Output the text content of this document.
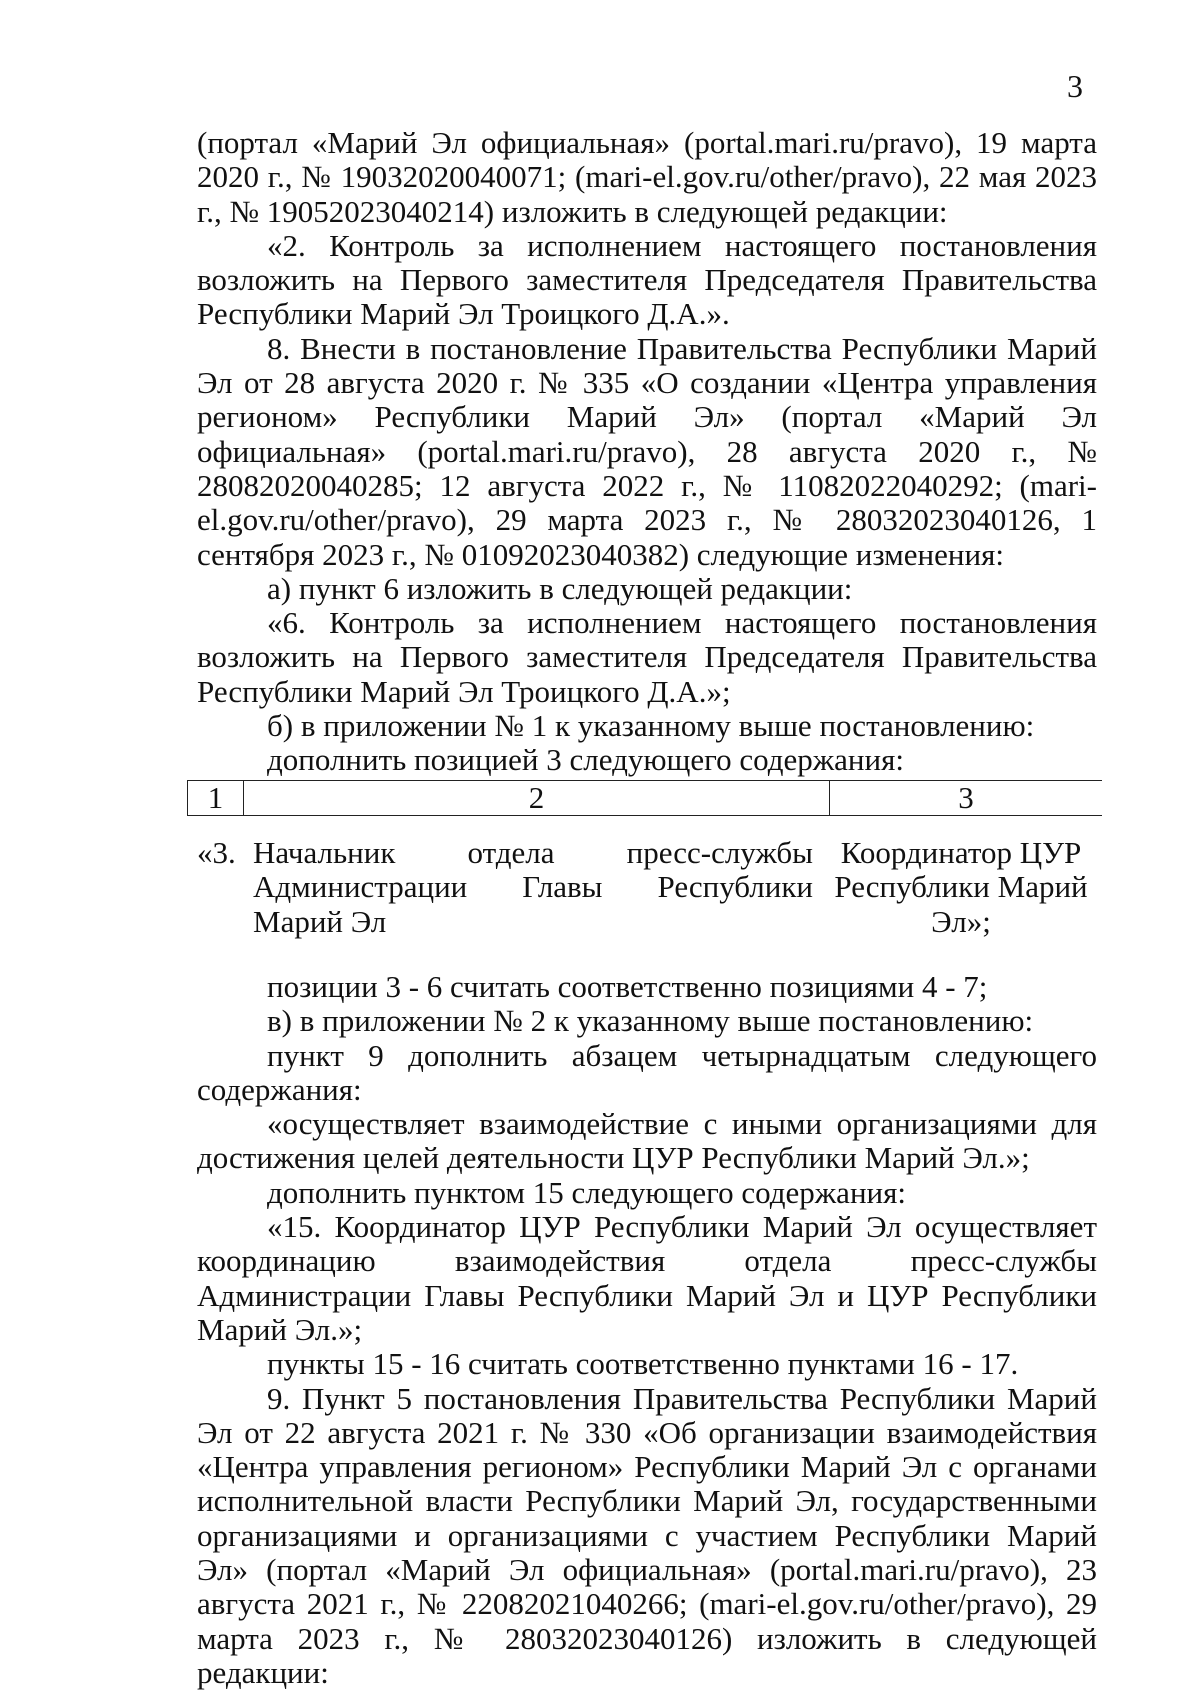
3

(портал «Марий Эл официальная» (portal.mari.ru/pravo), 19 марта 2020 г., № 19032020040071; (mari-el.gov.ru/other/pravo), 22 мая 2023 г., № 19052023040214) изложить в следующей редакции:

«2. Контроль за исполнением настоящего постановления возложить на Первого заместителя Председателя Правительства Республики Марий Эл Троицкого Д.А.».

8. Внести в постановление Правительства Республики Марий Эл от 28 августа 2020 г. № 335 «О создании «Центра управления регионом» Республики Марий Эл» (портал «Марий Эл официальная» (portal.mari.ru/pravo), 28 августа 2020 г., № 28082020040285; 12 августа 2022 г., № 11082022040292; (mari-el.gov.ru/other/pravo), 29 марта 2023 г., № 28032023040126, 1 сентября 2023 г., № 01092023040382) следующие изменения:

а) пункт 6 изложить в следующей редакции:

«6. Контроль за исполнением настоящего постановления возложить на Первого заместителя Председателя Правительства Республики Марий Эл Троицкого Д.А.»;

б) в приложении № 1 к указанному выше постановлению:

дополнить позицией 3 следующего содержания:

1	2	3
«3. Начальник отдела пресс-службы Администрации Главы Республики Марий Эл
Координатор ЦУР Республики Марий Эл»;

позиции 3 - 6 считать соответственно позициями 4 - 7;

в) в приложении № 2 к указанному выше постановлению:

пункт 9 дополнить абзацем четырнадцатым следующего содержания:

«осуществляет взаимодействие с иными организациями для достижения целей деятельности ЦУР Республики Марий Эл.»;

дополнить пунктом 15 следующего содержания:

«15. Координатор ЦУР Республики Марий Эл осуществляет координацию взаимодействия отдела пресс-службы Администрации Главы Республики Марий Эл и ЦУР Республики Марий Эл.»;

пункты 15 - 16 считать соответственно пунктами 16 - 17.

9. Пункт 5 постановления Правительства Республики Марий Эл от 22 августа 2021 г. № 330 «Об организации взаимодействия «Центра управления регионом» Республики Марий Эл с органами исполнительной власти Республики Марий Эл, государственными организациями и организациями с участием Республики Марий Эл» (портал «Марий Эл официальная» (portal.mari.ru/pravo), 23 августа 2021 г., № 22082021040266; (mari-el.gov.ru/other/pravo), 29 марта 2023 г., № 28032023040126) изложить в следующей редакции:
